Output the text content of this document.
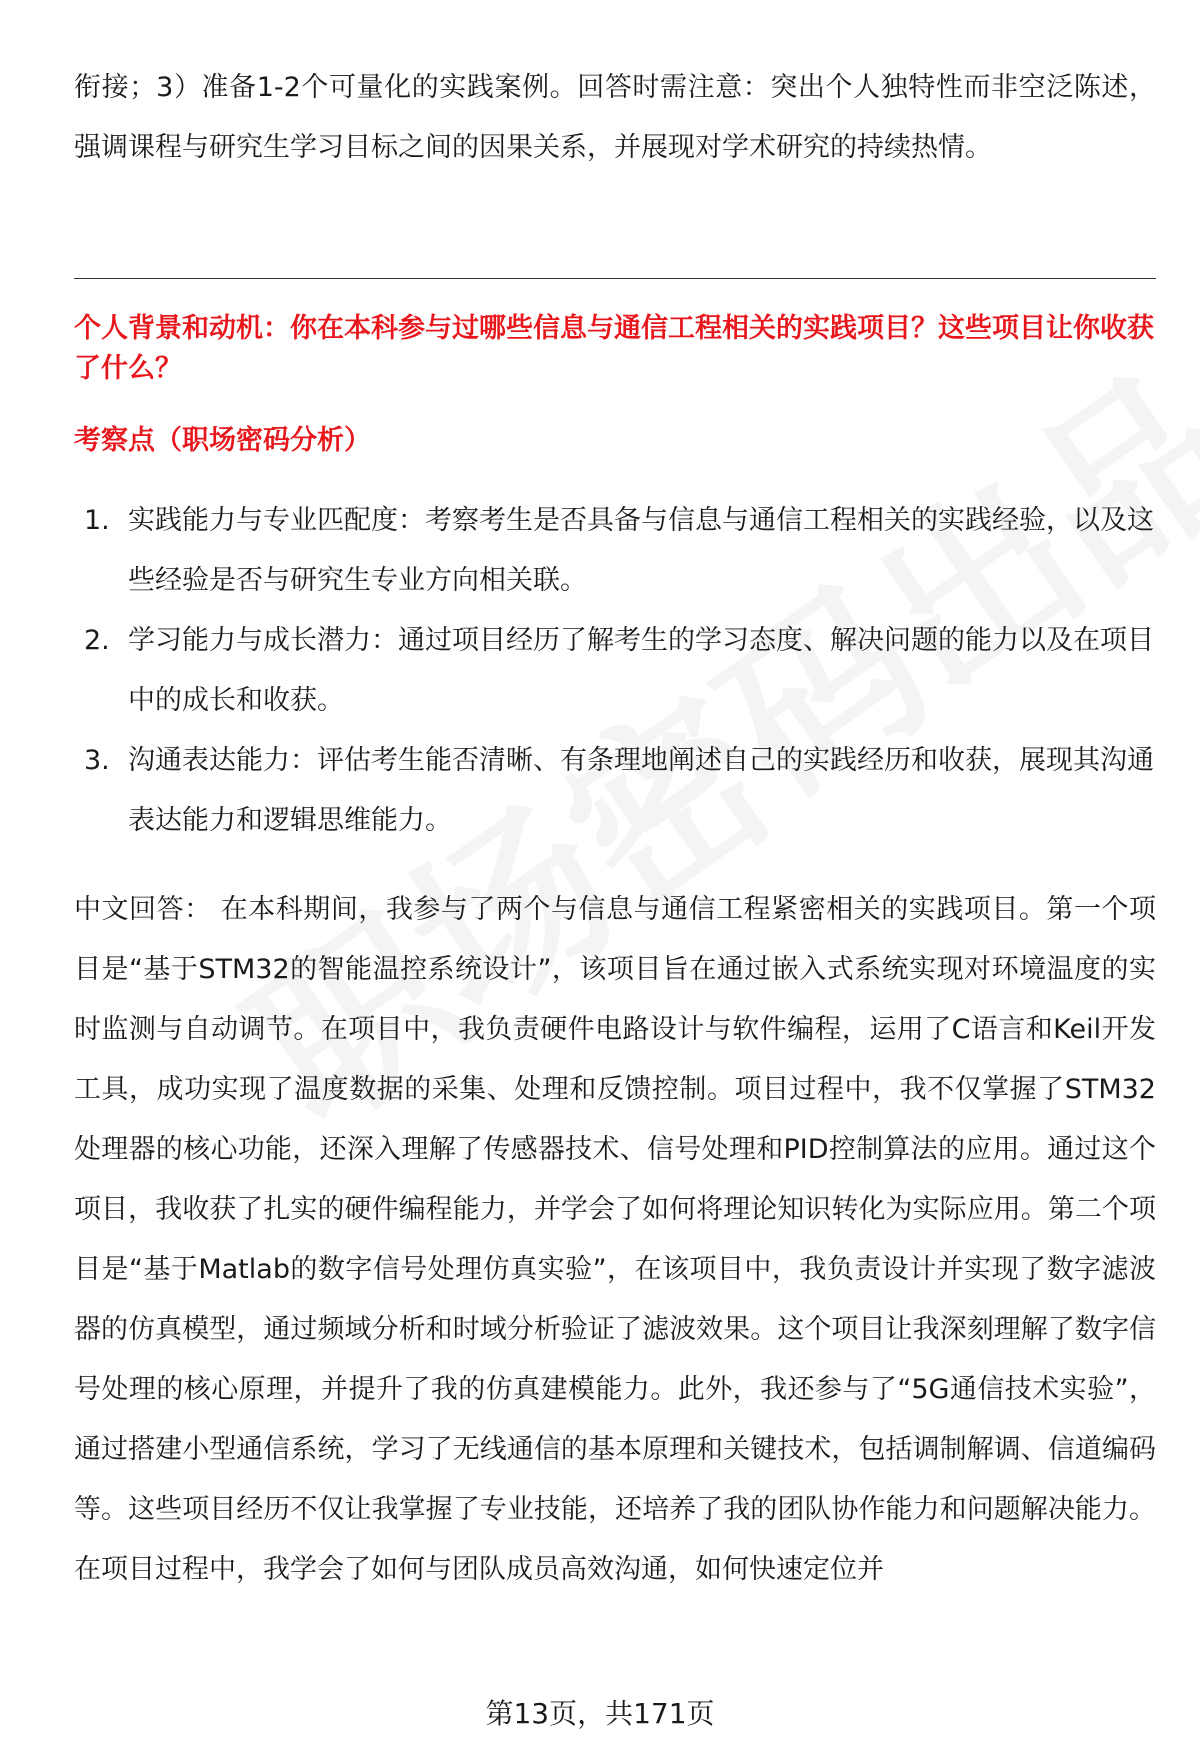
衔接；3）准备1-2个可量化的实践案例。回答时需注意：突出个人独特性而非空泛陈述，强调课程与研究生学习目标之间的因果关系，并展现对学术研究的持续热情。

个人背景和动机：你在本科参与过哪些信息与通信工程相关的实践项目？这些项目让你收获了什么？
考察点（职场密码分析）
1. 实践能力与专业匹配度：考察考生是否具备与信息与通信工程相关的实践经验，以及这些经验是否与研究生专业方向相关联。
2. 学习能力与成长潜力：通过项目经历了解考生的学习态度、解决问题的能力以及在项目中的成长和收获。
3. 沟通表达能力：评估考生能否清晰、有条理地阐述自己的实践经历和收获，展现其沟通表达能力和逻辑思维能力。

中文回答： 在本科期间，我参与了两个与信息与通信工程紧密相关的实践项目。第一个项目是“基于STM32的智能温控系统设计”，该项目旨在通过嵌入式系统实现对环境温度的实时监测与自动调节。在项目中，我负责硬件电路设计与软件编程，运用了C语言和Keil开发工具，成功实现了温度数据的采集、处理和反馈控制。项目过程中，我不仅掌握了STM32处理器的核心功能，还深入理解了传感器技术、信号处理和PID控制算法的应用。通过这个项目，我收获了扎实的硬件编程能力，并学会了如何将理论知识转化为实际应用。第二个项目是“基于Matlab的数字信号处理仿真实验”，在该项目中，我负责设计并实现了数字滤波器的仿真模型，通过频域分析和时域分析验证了滤波效果。这个项目让我深刻理解了数字信号处理的核心原理，并提升了我的仿真建模能力。此外，我还参与了“5G通信技术实验”，通过搭建小型通信系统，学习了无线通信的基本原理和关键技术，包括调制解调、信道编码等。这些项目经历不仅让我掌握了专业技能，还培养了我的团队协作能力和问题解决能力。在项目过程中，我学会了如何与团队成员高效沟通，如何快速定位并

第13页，共171页
